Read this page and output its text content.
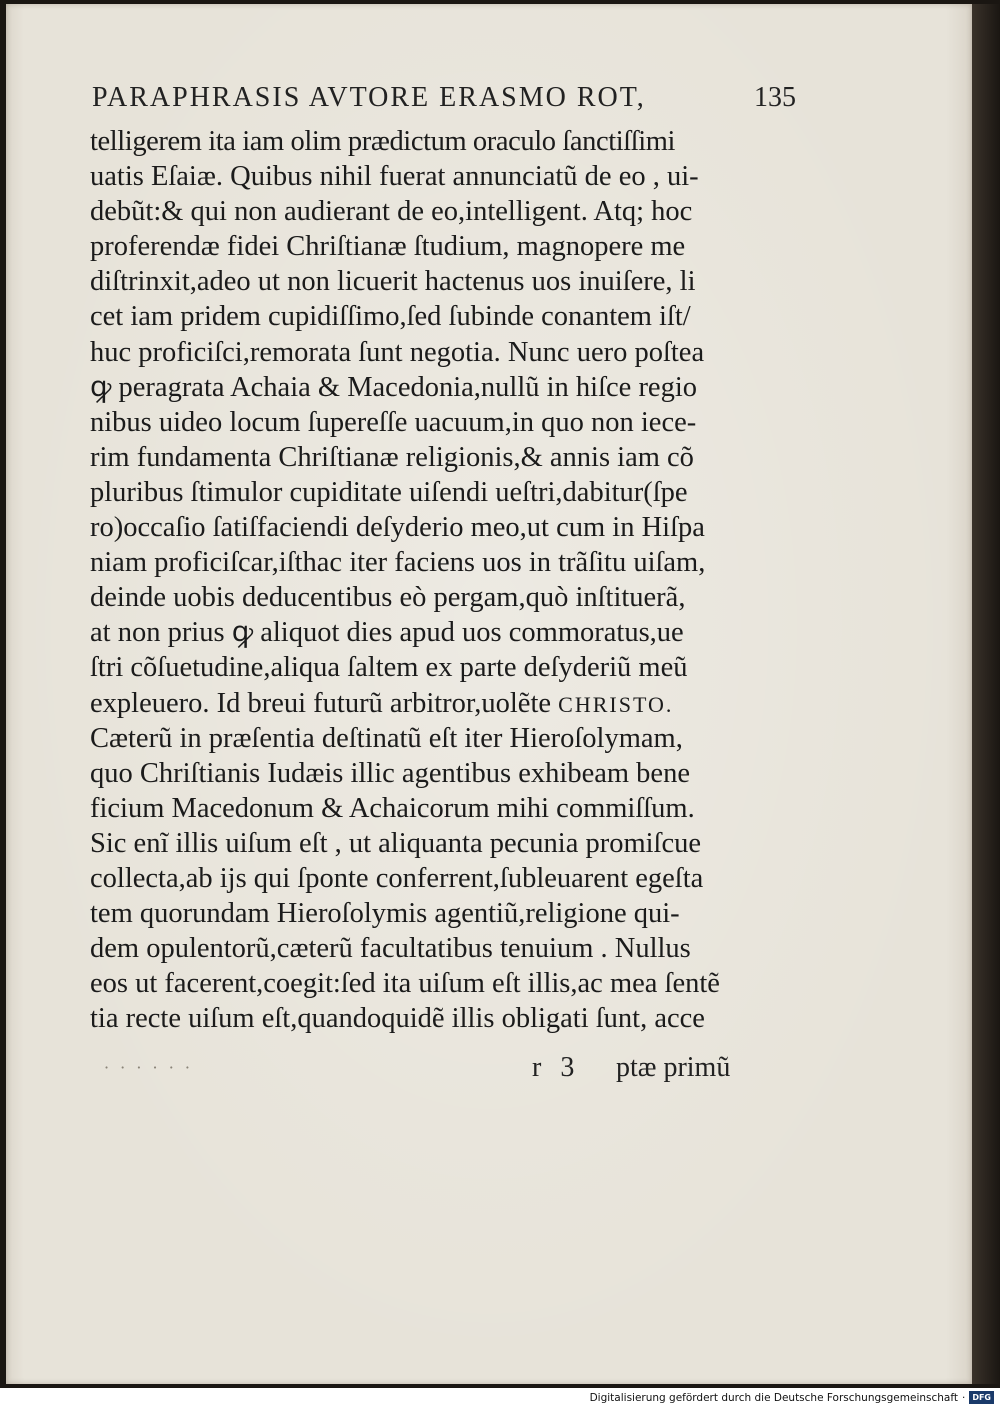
PARAPHRASIS AVTORE ERASMO ROT,	135
telligerem ita iam olim prædictum oraculo ſanctiſſimi
uatis Eſaiæ. Quibus nihil fuerat annunciatũ de eo , ui-
debũt:& qui non audierant de eo,intelligent. Atq; hoc
proferendæ fidei Chriſtianæ ſtudium, magnopere me
diſtrinxit,adeo ut non licuerit hactenus uos inuiſere, li
cet iam pridem cupidiſſimo,ſed ſubinde conantem iſt/
huc proficiſci,remorata ſunt negotia. Nunc uero poſtea
ꝙ peragrata Achaia & Macedonia,nullũ in hiſce regio
nibus uideo locum ſupereſſe uacuum,in quo non iece-
rim fundamenta Chriſtianæ religionis,& annis iam cõ
pluribus ſtimulor cupiditate uiſendi ueſtri,dabitur(ſpe
ro)occaſio ſatiſfaciendi deſyderio meo,ut cum in Hiſpa
niam proficiſcar,iſthac iter faciens uos in trãſitu uiſam,
deinde uobis deducentibus eò pergam,quò inſtituerã,
at non prius ꝙ aliquot dies apud uos commoratus,ue
ſtri cõſuetudine,aliqua ſaltem ex parte deſyderiũ meũ
expleuero. Id breui futurũ arbitror,uolẽte CHRISTO.
Cæterũ in præſentia deſtinatũ eſt iter Hieroſolymam,
quo Chriſtianis Iudæis illic agentibus exhibeam bene
ficium Macedonum & Achaicorum mihi commiſſum.
Sic enĩ illis uiſum eſt , ut aliquanta pecunia promiſcue
collecta,ab ijs qui ſponte conferrent,ſubleuarent egeſta
tem quorundam Hieroſolymis agentiũ,religione qui-
dem opulentorũ,cæterũ facultatibus tenuium . Nullus
eos ut facerent,coegit:ſed ita uiſum eſt illis,ac mea ſentẽ
tia recte uiſum eſt,quandoquidẽ illis obligati ſunt, acce
· · · · · ·	r 3 ptæ primũ
Digitalisierung gefördert durch die Deutsche Forschungsgemeinschaft · DFG
